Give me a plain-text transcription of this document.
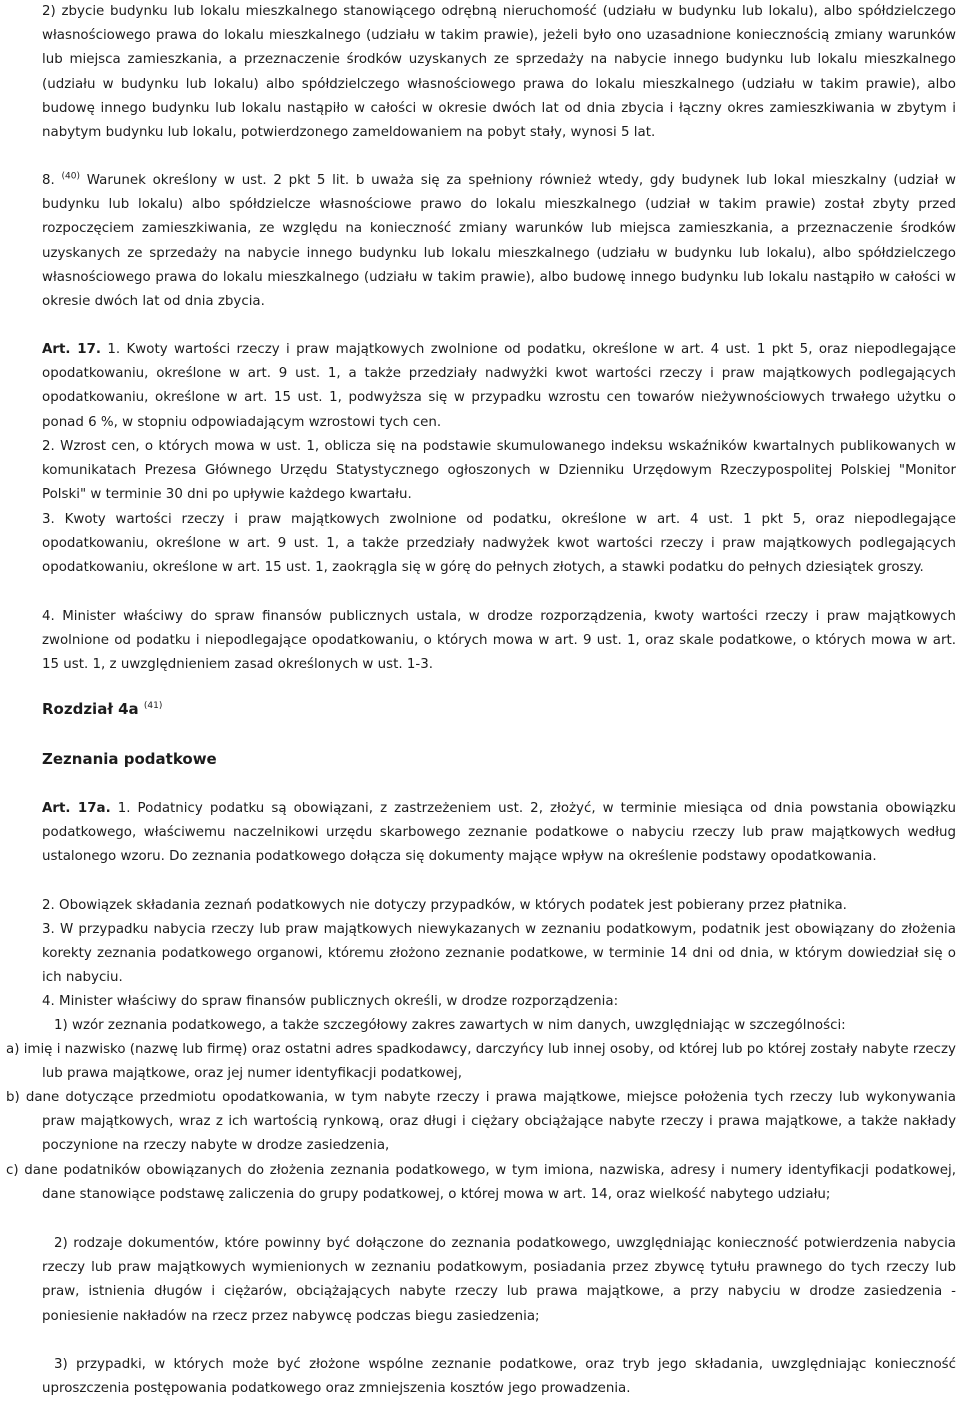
2) zbycie budynku lub lokalu mieszkalnego stanowiącego odrębną nieruchomość (udziału w budynku lub lokalu), albo spółdzielczego własnościowego prawa do lokalu mieszkalnego (udziału w takim prawie), jeżeli było ono uzasadnione koniecznością zmiany warunków lub miejsca zamieszkania, a przeznaczenie środków uzyskanych ze sprzedaży na nabycie innego budynku lub lokalu mieszkalnego (udziału w budynku lub lokalu) albo spółdzielczego własnościowego prawa do lokalu mieszkalnego (udziału w takim prawie), albo budowę innego budynku lub lokalu nastąpiło w całości w okresie dwóch lat od dnia zbycia i łączny okres zamieszkiwania w zbytym i nabytym budynku lub lokalu, potwierdzonego zameldowaniem na pobyt stały, wynosi 5 lat.

8. $^{(40)}$ Warunek określony w ust. 2 pkt 5 lit. b uważa się za spełniony również wtedy, gdy budynek lub lokal mieszkalny (udział w budynku lub lokalu) albo spółdzielcze własnościowe prawo do lokalu mieszkalnego (udział w takim prawie) został zbyty przed rozpoczęciem zamieszkiwania, ze względu na konieczność zmiany warunków lub miejsca zamieszkania, a przeznaczenie środków uzyskanych ze sprzedaży na nabycie innego budynku lub lokalu mieszkalnego (udziału w budynku lub lokalu), albo spółdzielczego własnościowego prawa do lokalu mieszkalnego (udziału w takim prawie), albo budowę innego budynku lub lokalu nastąpiło w całości w okresie dwóch lat od dnia zbycia.

Art. 17. 1. Kwoty wartości rzeczy i praw majątkowych zwolnione od podatku, określone w art. 4 ust. 1 pkt 5, oraz niepodlegające opodatkowaniu, określone w art. 9 ust. 1, a także przedziały nadwyżki kwot wartości rzeczy i praw majątkowych podlegających opodatkowaniu, określone w art. 15 ust. 1, podwyższa się w przypadku wzrostu cen towarów nieżywnościowych trwałego użytku o ponad 6 %, w stopniu odpowiadającym wzrostowi tych cen.

2. Wzrost cen, o których mowa w ust. 1, oblicza się na podstawie skumulowanego indeksu wskaźników kwartalnych publikowanych w komunikatach Prezesa Głównego Urzędu Statystycznego ogłoszonych w Dzienniku Urzędowym Rzeczypospolitej Polskiej "Monitor Polski" w terminie 30 dni po upływie każdego kwartału.

3. Kwoty wartości rzeczy i praw majątkowych zwolnione od podatku, określone w art. 4 ust. 1 pkt 5, oraz niepodlegające opodatkowaniu, określone w art. 9 ust. 1, a także przedziały nadwyżek kwot wartości rzeczy i praw majątkowych podlegających opodatkowaniu, określone w art. 15 ust. 1, zaokrągla się w górę do pełnych złotych, a stawki podatku do pełnych dziesiątek groszy.

4. Minister właściwy do spraw finansów publicznych ustala, w drodze rozporządzenia, kwoty wartości rzeczy i praw majątkowych zwolnione od podatku i niepodlegające opodatkowaniu, o których mowa w art. 9 ust. 1, oraz skale podatkowe, o których mowa w art. 15 ust. 1, z uwzględnieniem zasad określonych w ust. 1-3.

Rozdział 4a $^{(41)}$

Zeznania podatkowe

Art. 17a. 1. Podatnicy podatku są obowiązani, z zastrzeżeniem ust. 2, złożyć, w terminie miesiąca od dnia powstania obowiązku podatkowego, właściwemu naczelnikowi urzędu skarbowego zeznanie podatkowe o nabyciu rzeczy lub praw majątkowych według ustalonego wzoru. Do zeznania podatkowego dołącza się dokumenty mające wpływ na określenie podstawy opodatkowania.

2. Obowiązek składania zeznań podatkowych nie dotyczy przypadków, w których podatek jest pobierany przez płatnika.

3. W przypadku nabycia rzeczy lub praw majątkowych niewykazanych w zeznaniu podatkowym, podatnik jest obowiązany do złożenia korekty zeznania podatkowego organowi, któremu złożono zeznanie podatkowe, w terminie 14 dni od dnia, w którym dowiedział się o ich nabyciu.

4. Minister właściwy do spraw finansów publicznych określi, w drodze rozporządzenia:

1) wzór zeznania podatkowego, a także szczegółowy zakres zawartych w nim danych, uwzględniając w szczególności:

a) imię i nazwisko (nazwę lub firmę) oraz ostatni adres spadkodawcy, darczyńcy lub innej osoby, od której lub po której zostały nabyte rzeczy lub prawa majątkowe, oraz jej numer identyfikacji podatkowej,

b) dane dotyczące przedmiotu opodatkowania, w tym nabyte rzeczy i prawa majątkowe, miejsce położenia tych rzeczy lub wykonywania praw majątkowych, wraz z ich wartością rynkową, oraz długi i ciężary obciążające nabyte rzeczy i prawa majątkowe, a także nakłady poczynione na rzeczy nabyte w drodze zasiedzenia,

c) dane podatników obowiązanych do złożenia zeznania podatkowego, w tym imiona, nazwiska, adresy i numery identyfikacji podatkowej, dane stanowiące podstawę zaliczenia do grupy podatkowej, o której mowa w art. 14, oraz wielkość nabytego udziału;

2) rodzaje dokumentów, które powinny być dołączone do zeznania podatkowego, uwzględniając konieczność potwierdzenia nabycia rzeczy lub praw majątkowych wymienionych w zeznaniu podatkowym, posiadania przez zbywcę tytułu prawnego do tych rzeczy lub praw, istnienia długów i ciężarów, obciążających nabyte rzeczy lub prawa majątkowe, a przy nabyciu w drodze zasiedzenia - poniesienie nakładów na rzecz przez nabywcę podczas biegu zasiedzenia;

3) przypadki, w których może być złożone wspólne zeznanie podatkowe, oraz tryb jego składania, uwzględniając konieczność uproszczenia postępowania podatkowego oraz zmniejszenia kosztów jego prowadzenia.
